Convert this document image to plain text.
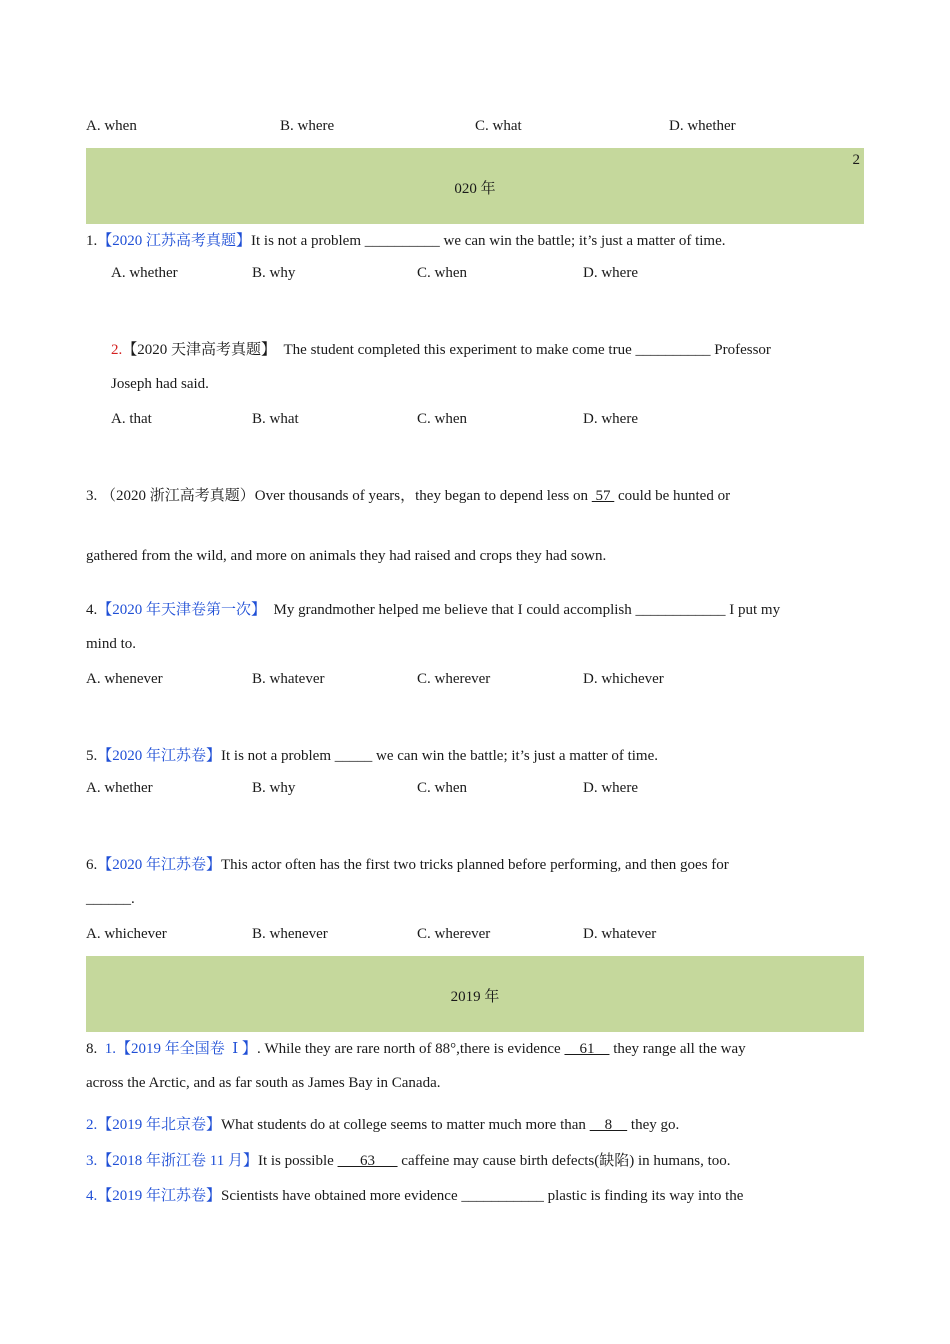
A. when	B. where	C. what	D. whether
2
020 年
1.【2020 江苏高考真题】It is not a problem __________ we can win the battle; it’s just a matter of time.
A. whether	B. why	C. when	D. where
2.【2020 天津高考真题】  The student completed this experiment to make come true __________ Professor
Joseph had said.
A. that	B. what	C. when	D. where
3. （2020 浙江高考真题）Over thousands of years，they began to depend less on  57  could be hunted or
gathered from the wild, and more on animals they had raised and crops they had sown.
4.【2020 年天津卷第一次】  My grandmother helped me believe that I could accomplish ____________ I put my
mind to.
A. whenever	B. whatever	C. wherever	D. whichever
5.【2020 年江苏卷】It is not a problem _____ we can win the battle; it’s just a matter of time.
A. whether	B. why	C. when	D. where
6.【2020 年江苏卷】This actor often has the first two tricks planned before performing, and then goes for
______.
A. whichever	B. whenever	C. wherever	D. whatever
2019 年
8.  1.【2019 年全国卷  Ⅰ 】. While they are rare north of 88°,there is evidence     61     they range all the way
across the Arctic, and as far south as James Bay in Canada.
2.【2019 年北京卷】What students do at college seems to matter much more than     8     they go.
3.【2018 年浙江卷 11 月】It is possible       63       caffeine may cause birth defects(缺陷) in humans, too.
4.【2019 年江苏卷】Scientists have obtained more evidence ___________ plastic is finding its way into the
